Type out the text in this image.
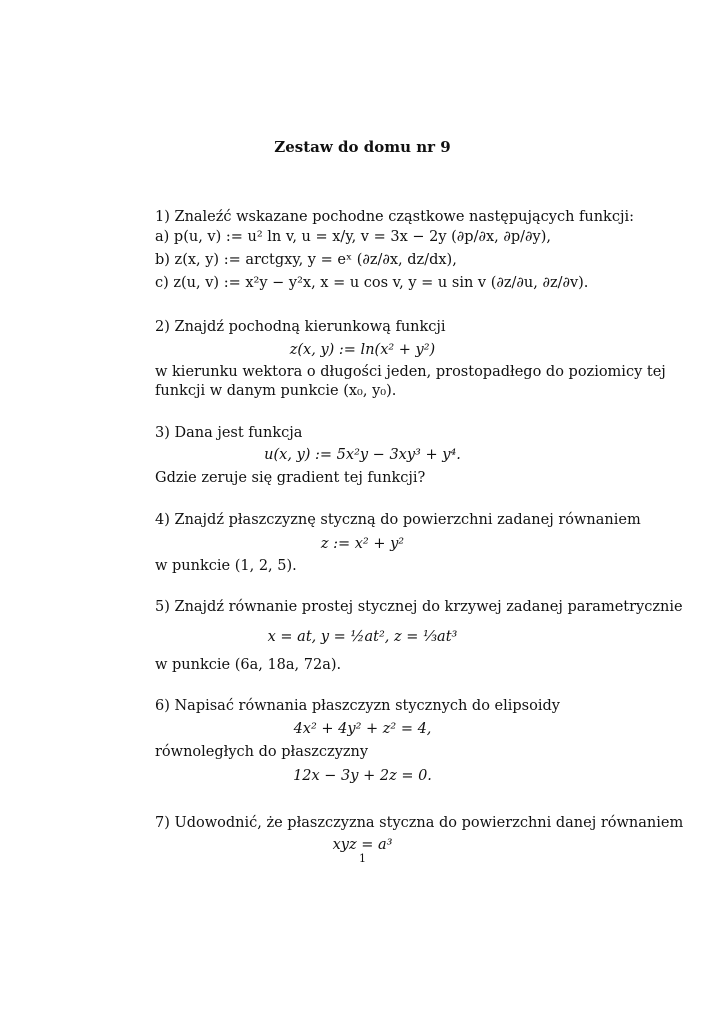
Zestaw do domu nr 9
1) Znaleźć wskazane pochodne cząstkowe następujących funkcji:
a) p(u, v) := u² ln v, u = x/y, v = 3x − 2y (∂p/∂x, ∂p/∂y),
b) z(x, y) := arctgxy, y = eˣ (∂z/∂x, dz/dx),
c) z(u, v) := x²y − y²x, x = u cos v, y = u sin v (∂z/∂u, ∂z/∂v).
2) Znajdź pochodną kierunkową funkcji
z(x, y) := ln(x² + y²)
w kierunku wektora o długości jeden, prostopadłego do poziomicy tej
funkcji w danym punkcie (x₀, y₀).
3) Dana jest funkcja
u(x, y) := 5x²y − 3xy³ + y⁴.
Gdzie zeruje się gradient tej funkcji?
4) Znajdź płaszczyznę styczną do powierzchni zadanej równaniem
z := x² + y²
w punkcie (1, 2, 5).
5) Znajdź równanie prostej stycznej do krzywej zadanej parametrycznie
x = at, y = ½at², z = ⅓at³
w punkcie (6a, 18a, 72a).
6) Napisać równania płaszczyzn stycznych do elipsoidy
4x² + 4y² + z² = 4,
równoległych do płaszczyzny
12x − 3y + 2z = 0.
7) Udowodnić, że płaszczyzna styczna do powierzchni danej równaniem
xyz = a³
1
